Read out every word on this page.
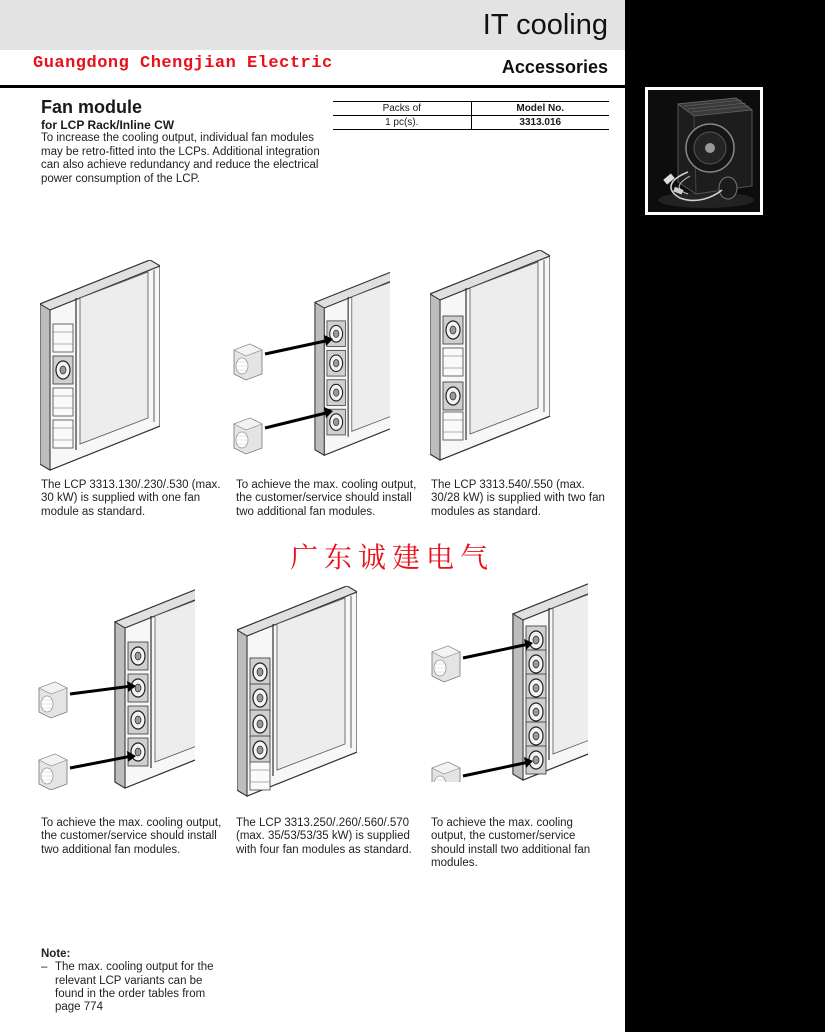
IT cooling
Guangdong Chengjian Electric	Accessories
Fan module
for LCP Rack/Inline CW
To increase the cooling output, individual fan modules may be retro-fitted into the LCPs. Additional integration can also achieve redundancy and reduce the electrical power consumption of the LCP.
Packs of	Model No.
1 pc(s).	3313.016
The LCP 3313.130/.230/.530 (max. 30 kW) is supplied with one fan module as standard.
To achieve the max. cooling output, the customer/service should install two additional fan modules.
The LCP 3313.540/.550 (max. 30/28 kW) is supplied with two fan modules as standard.
广东诚建电气
To achieve the max. cooling output, the customer/service should install two additional fan modules.
The LCP 3313.250/.260/.560/.570 (max. 35/53/53/35 kW) is supplied with four fan modules as standard.
To achieve the max. cooling output, the customer/service should install two additional fan modules.
Note:
– The max. cooling output for the relevant LCP variants can be found in the order tables from page 774
